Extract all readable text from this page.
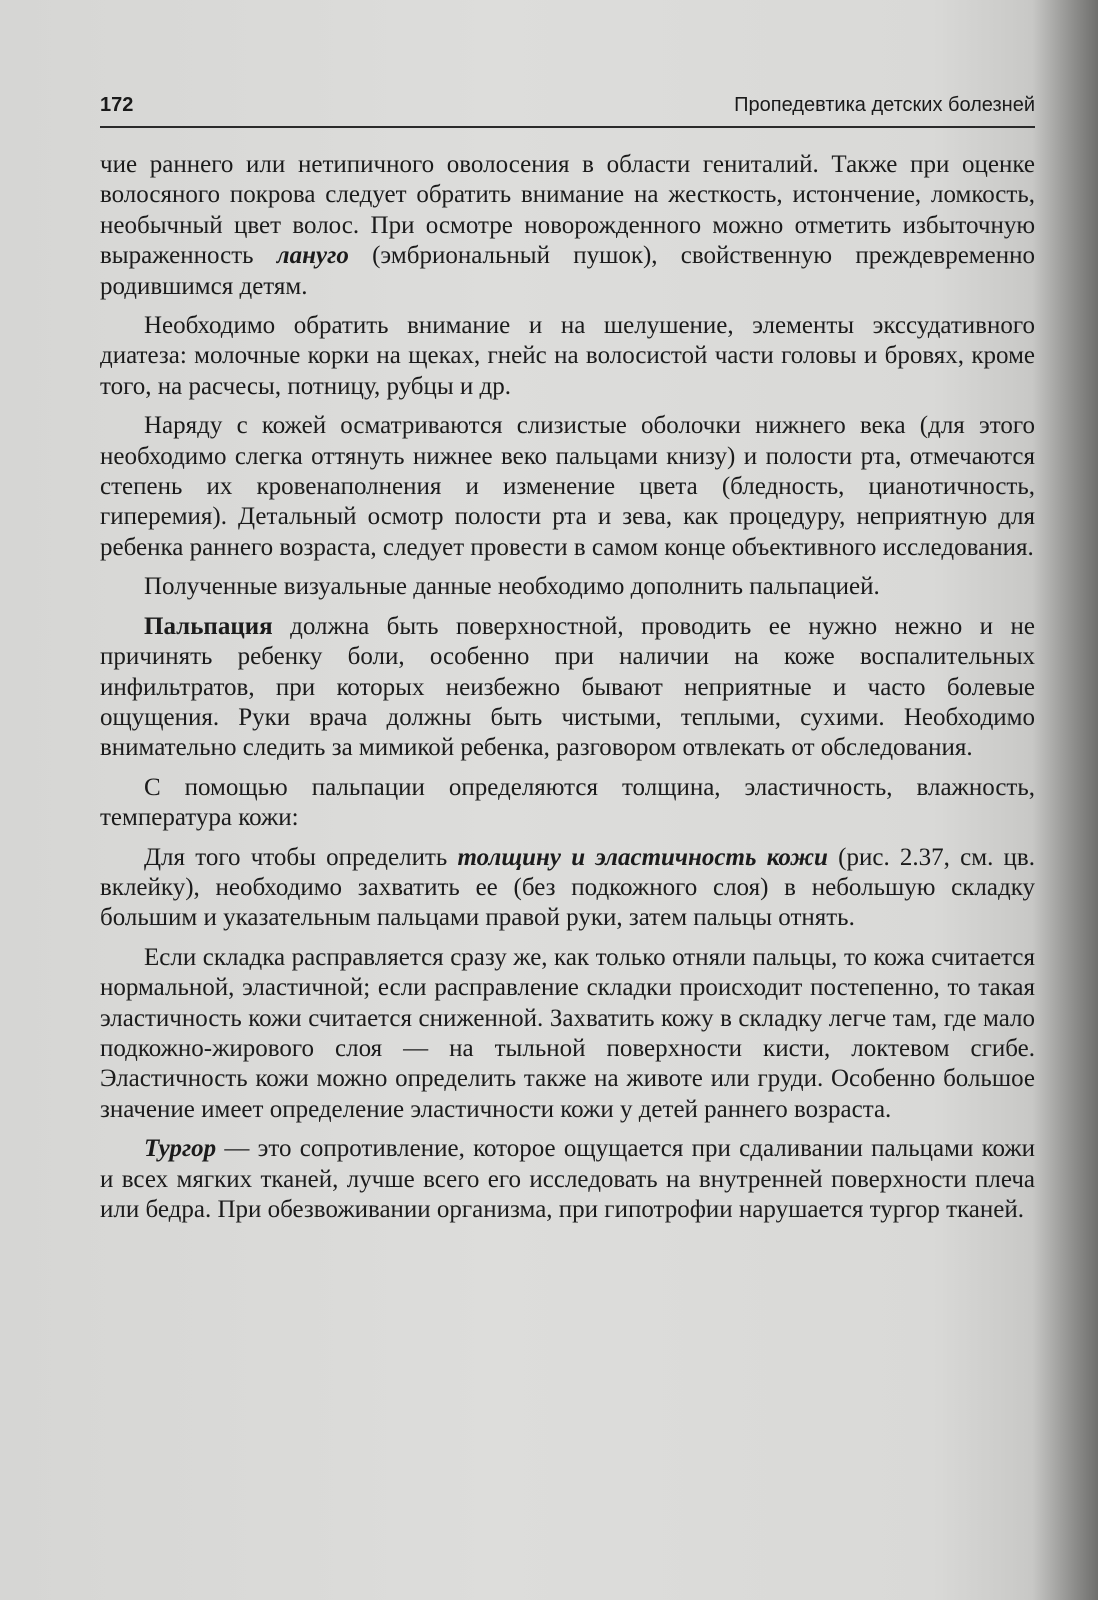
172	Пропедевтика детских болезней

чие раннего или нетипичного оволосения в области гениталий. Также при оценке волосяного покрова следует обратить внимание на жесткость, истончение, ломкость, необычный цвет волос. При осмотре новорожденного можно отметить избыточную выраженность лануго (эмбриональный пушок), свойственную преждевременно родившимся детям.

Необходимо обратить внимание и на шелушение, элементы экссудативного диатеза: молочные корки на щеках, гнейс на волосистой части головы и бровях, кроме того, на расчесы, потницу, рубцы и др.

Наряду с кожей осматриваются слизистые оболочки нижнего века (для этого необходимо слегка оттянуть нижнее веко пальцами книзу) и полости рта, отмечаются степень их кровенаполнения и изменение цвета (бледность, цианотичность, гиперемия). Детальный осмотр полости рта и зева, как процедуру, неприятную для ребенка раннего возраста, следует провести в самом конце объективного исследования.

Полученные визуальные данные необходимо дополнить пальпацией.

Пальпация должна быть поверхностной, проводить ее нужно нежно и не причинять ребенку боли, особенно при наличии на коже воспалительных инфильтратов, при которых неизбежно бывают неприятные и часто болевые ощущения. Руки врача должны быть чистыми, теплыми, сухими. Необходимо внимательно следить за мимикой ребенка, разговором отвлекать от обследования.

С помощью пальпации определяются толщина, эластичность, влажность, температура кожи:

Для того чтобы определить толщину и эластичность кожи (рис. 2.37, см. цв. вклейку), необходимо захватить ее (без подкожного слоя) в небольшую складку большим и указательным пальцами правой руки, затем пальцы отнять.

Если складка расправляется сразу же, как только отняли пальцы, то кожа считается нормальной, эластичной; если расправление складки происходит постепенно, то такая эластичность кожи считается сниженной. Захватить кожу в складку легче там, где мало подкожно-жирового слоя — на тыльной поверхности кисти, локтевом сгибе. Эластичность кожи можно определить также на животе или груди. Особенно большое значение имеет определение эластичности кожи у детей раннего возраста.

Тургор — это сопротивление, которое ощущается при сдаливании пальцами кожи и всех мягких тканей, лучше всего его исследовать на внутренней поверхности плеча или бедра. При обезвоживании организма, при гипотрофии нарушается тургор тканей.
